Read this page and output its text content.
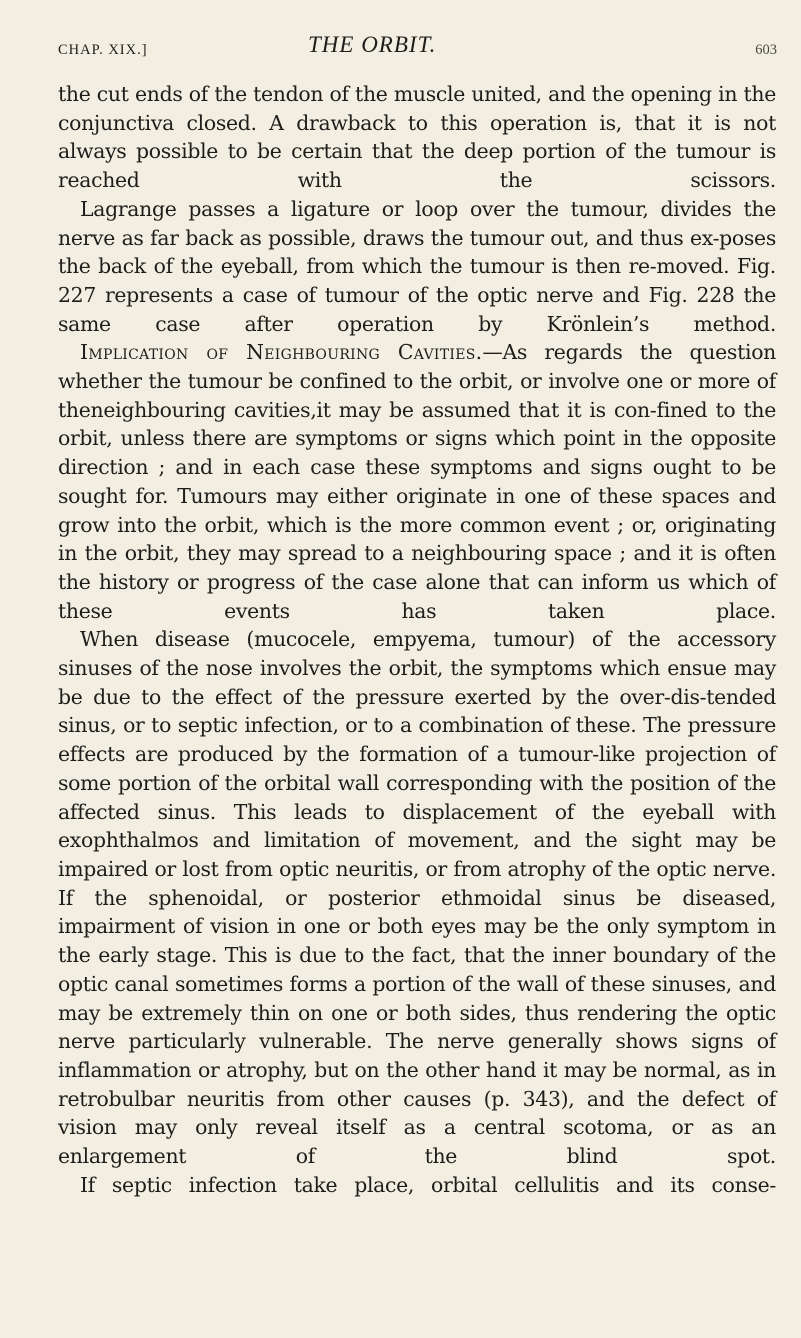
CHAP. XIX.]	THE ORBIT.	603

the cut ends of the tendon of the muscle united, and the opening in the conjunctiva closed. A drawback to this operation is, that it is not always possible to be certain that the deep portion of the tumour is reached with the scissors.

Lagrange passes a ligature or loop over the tumour, divides the nerve as far back as possible, draws the tumour out, and thus ex-poses the back of the eyeball, from which the tumour is then re-moved. Fig. 227 represents a case of tumour of the optic nerve and Fig. 228 the same case after operation by Krönlein’s method.

Implication of Neighbouring Cavities.—As regards the question whether the tumour be confined to the orbit, or involve one or more of theneighbouring cavities,it may be assumed that it is con-fined to the orbit, unless there are symptoms or signs which point in the opposite direction ; and in each case these symptoms and signs ought to be sought for. Tumours may either originate in one of these spaces and grow into the orbit, which is the more common event ; or, originating in the orbit, they may spread to a neighbouring space ; and it is often the history or progress of the case alone that can inform us which of these events has taken place.

When disease (mucocele, empyema, tumour) of the accessory sinuses of the nose involves the orbit, the symptoms which ensue may be due to the effect of the pressure exerted by the over-dis-tended sinus, or to septic infection, or to a combination of these. The pressure effects are produced by the formation of a tumour-like projection of some portion of the orbital wall corresponding with the position of the affected sinus. This leads to displacement of the eyeball with exophthalmos and limitation of movement, and the sight may be impaired or lost from optic neuritis, or from atrophy of the optic nerve. If the sphenoidal, or posterior ethmoidal sinus be diseased, impairment of vision in one or both eyes may be the only symptom in the early stage. This is due to the fact, that the inner boundary of the optic canal sometimes forms a portion of the wall of these sinuses, and may be extremely thin on one or both sides, thus rendering the optic nerve particularly vulnerable. The nerve generally shows signs of inflammation or atrophy, but on the other hand it may be normal, as in retrobulbar neuritis from other causes (p. 343), and the defect of vision may only reveal itself as a central scotoma, or as an enlargement of the blind spot.

If septic infection take place, orbital cellulitis and its conse-
